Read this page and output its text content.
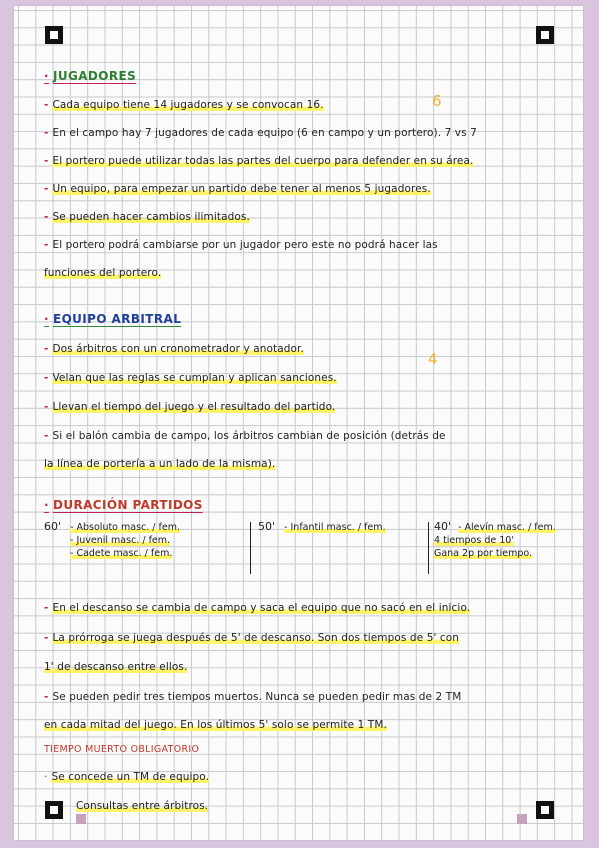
· JUGADORES
6
- Cada equipo tiene 14 jugadores y se convocan 16.
- En el campo hay 7 jugadores de cada equipo (6 en campo y un portero). 7 vs 7
- El portero puede utilizar todas las partes del cuerpo para defender en su área.
- Un equipo, para empezar un partido debe tener al menos 5 jugadores.
- Se pueden hacer cambios ilimitados.
- El portero podrá cambiarse por un jugador pero este no podrá hacer las
funciones del portero.
· EQUIPO ARBITRAL
4
- Dos árbitros con un cronometrador y anotador.
- Velan que las reglas se cumplan y aplican sanciones.
- Llevan el tiempo del juego y el resultado del partido.
- Si el balón cambia de campo, los árbitros cambian de posición (detrás de
la línea de portería a un lado de la misma).
· DURACIÓN PARTIDOS
60' - Absoluto masc. / fem.
- Juvenil masc. / fem.
- Cadete masc. / fem.
50' - Infantil masc. / fem.	40' - Alevín masc. / fem.
4 tiempos de 10'
Gana 2p por tiempo.
- En el descanso se cambia de campo y saca el equipo que no sacó en el inicio.
- La prórroga se juega después de 5' de descanso. Son dos tiempos de 5' con
1' de descanso entre ellos.
- Se pueden pedir tres tiempos muertos. Nunca se pueden pedir mas de 2 TM
en cada mitad del juego. En los últimos 5' solo se permite 1 TM.
TIEMPO MUERTO OBLIGATORIO
· Se concede un TM de equipo.
Consultas entre árbitros.
